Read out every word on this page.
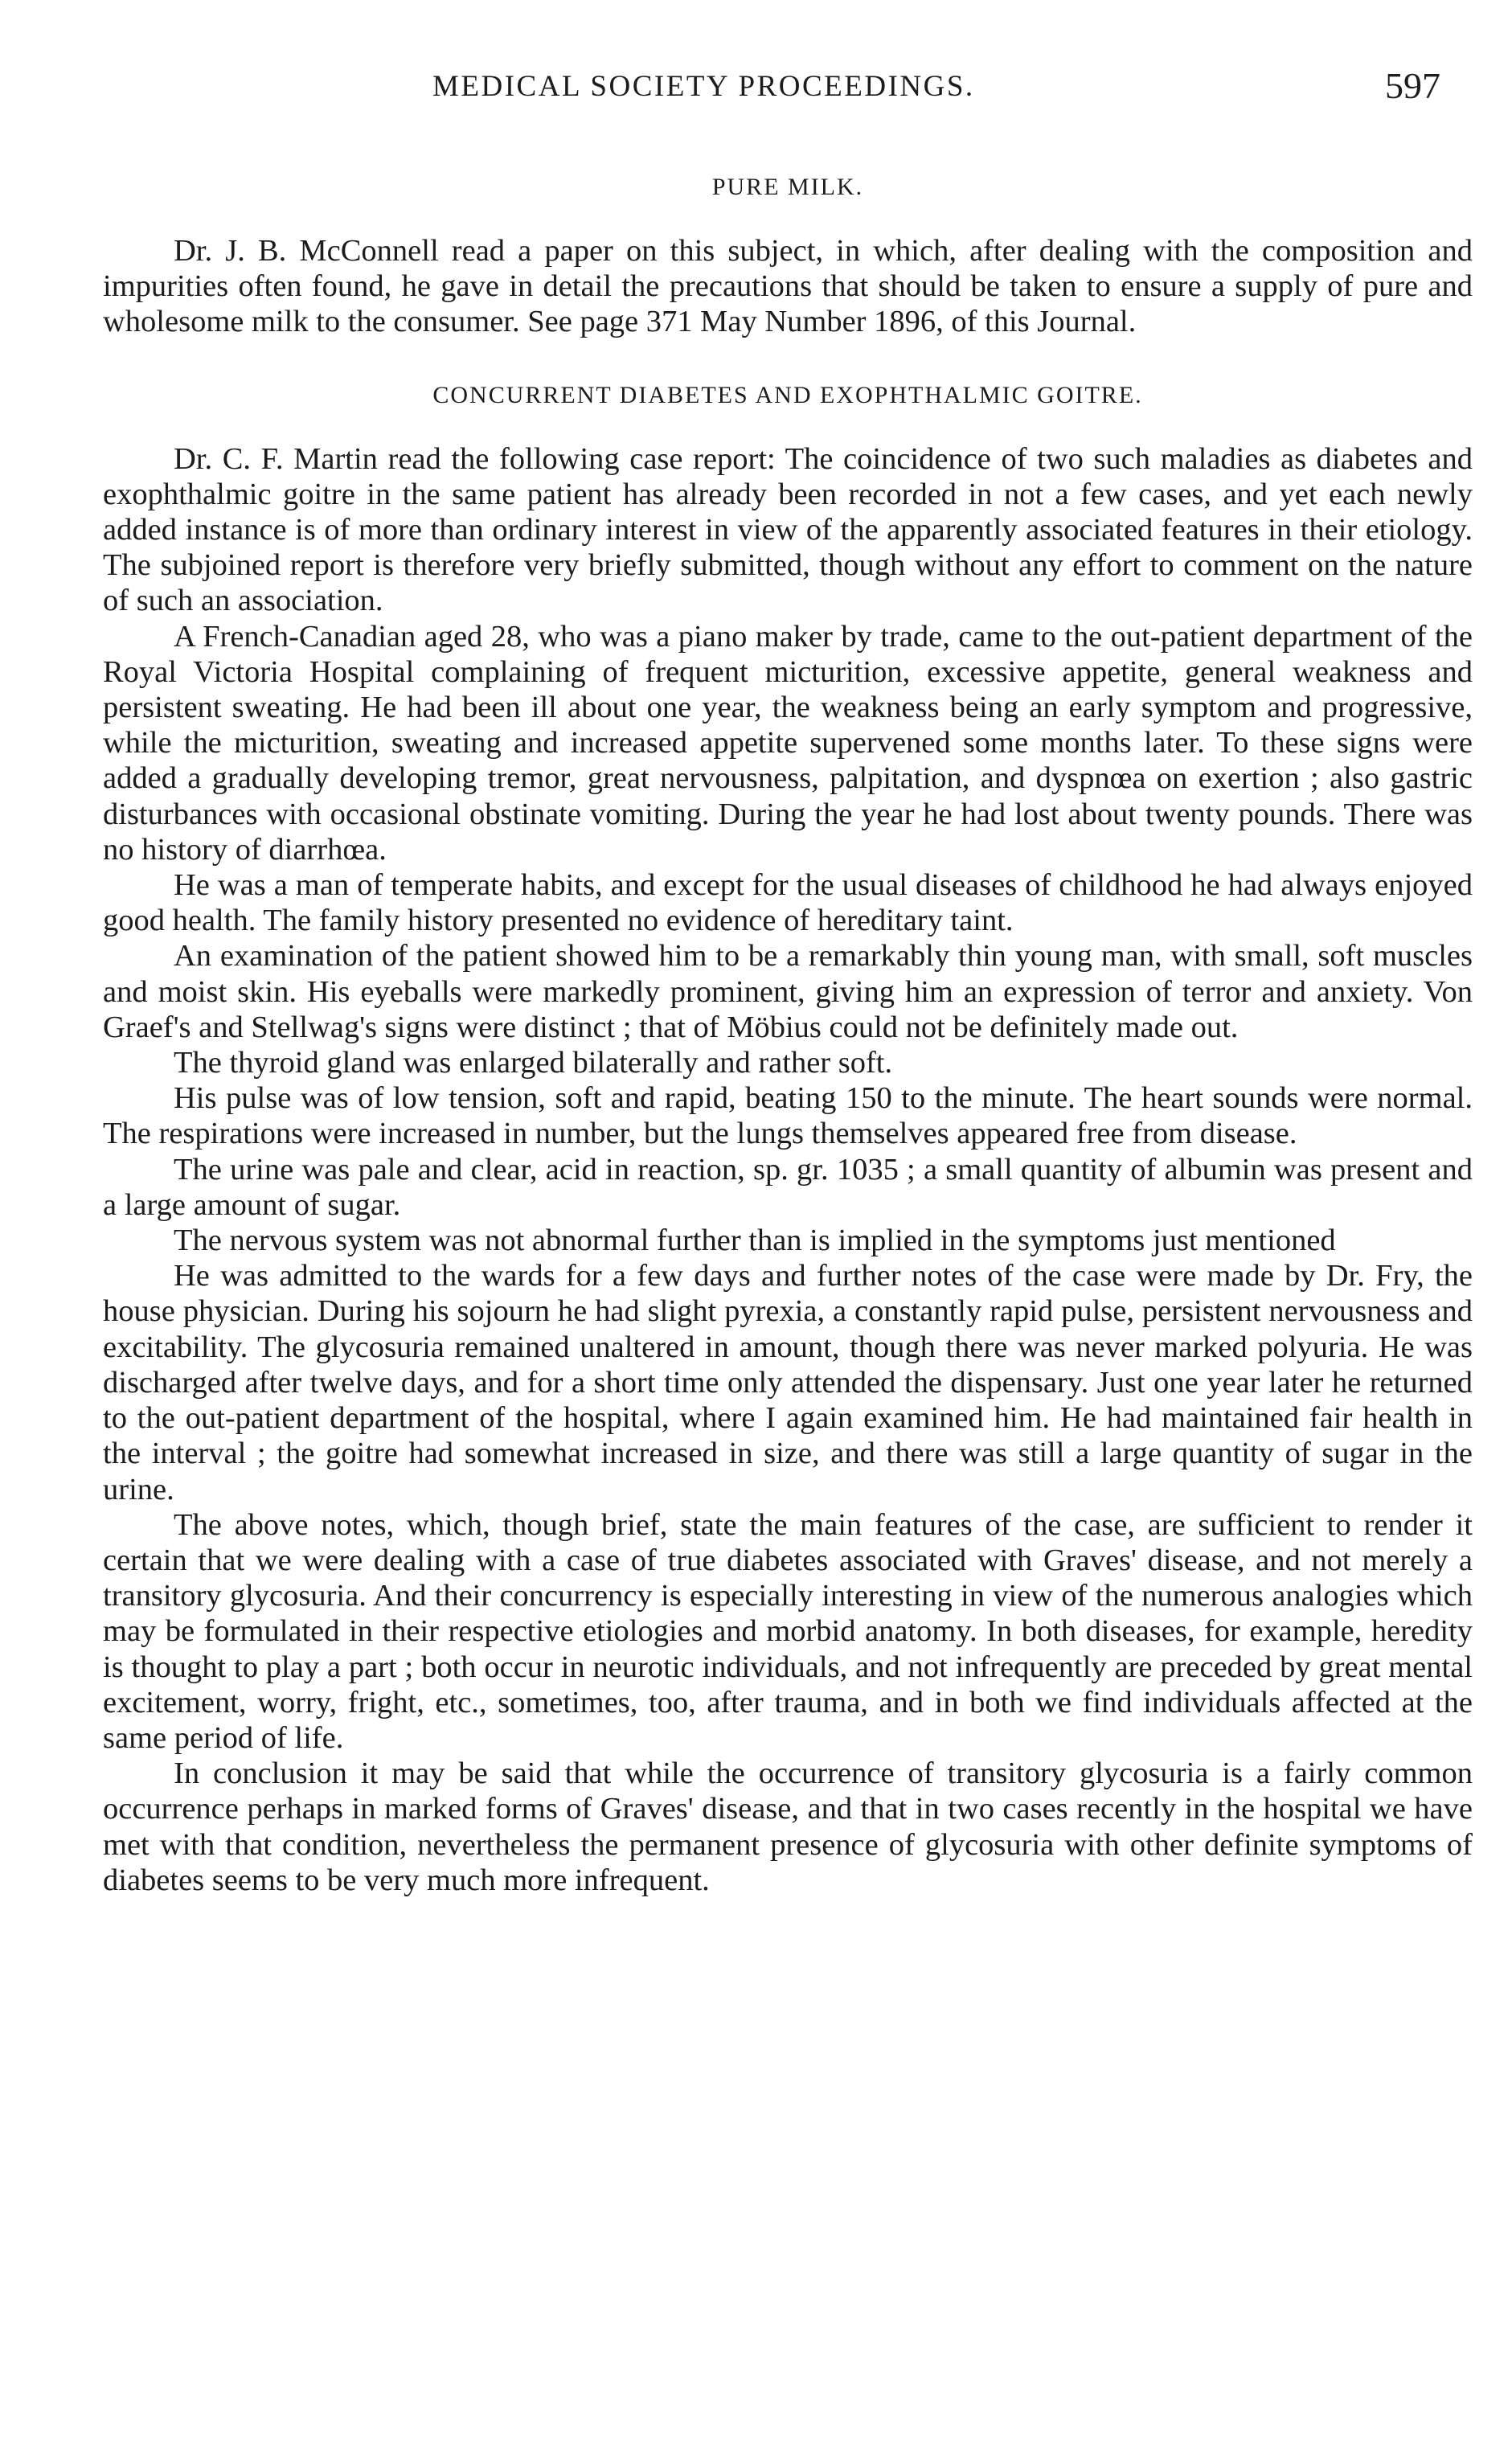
MEDICAL SOCIETY PROCEEDINGS.	597
PURE MILK.

Dr. J. B. McConnell read a paper on this subject, in which, after dealing with the composition and impurities often found, he gave in detail the precautions that should be taken to ensure a supply of pure and wholesome milk to the consumer. See page 371 May Number 1896, of this Journal.

CONCURRENT DIABETES AND EXOPHTHALMIC GOITRE.

Dr. C. F. Martin read the following case report: The coincidence of two such maladies as diabetes and exophthalmic goitre in the same patient has already been recorded in not a few cases, and yet each newly added instance is of more than ordinary interest in view of the apparently associated features in their etiology. The subjoined report is therefore very briefly submitted, though without any effort to comment on the nature of such an association.

A French-Canadian aged 28, who was a piano maker by trade, came to the out-patient department of the Royal Victoria Hospital complaining of frequent micturition, excessive appetite, general weakness and persistent sweating. He had been ill about one year, the weakness being an early symptom and progressive, while the micturition, sweating and increased appetite supervened some months later. To these signs were added a gradually developing tremor, great nervousness, palpitation, and dyspnœa on exertion ; also gastric disturbances with occasional obstinate vomiting. During the year he had lost about twenty pounds. There was no history of diarrhœa.

He was a man of temperate habits, and except for the usual diseases of childhood he had always enjoyed good health. The family history presented no evidence of hereditary taint.

An examination of the patient showed him to be a remarkably thin young man, with small, soft muscles and moist skin. His eyeballs were markedly prominent, giving him an expression of terror and anxiety. Von Graef's and Stellwag's signs were distinct ; that of Möbius could not be definitely made out.

The thyroid gland was enlarged bilaterally and rather soft.

His pulse was of low tension, soft and rapid, beating 150 to the minute. The heart sounds were normal. The respirations were increased in number, but the lungs themselves appeared free from disease.

The urine was pale and clear, acid in reaction, sp. gr. 1035 ; a small quantity of albumin was present and a large amount of sugar.

The nervous system was not abnormal further than is implied in the symptoms just mentioned

He was admitted to the wards for a few days and further notes of the case were made by Dr. Fry, the house physician. During his sojourn he had slight pyrexia, a constantly rapid pulse, persistent nervousness and excitability. The glycosuria remained unaltered in amount, though there was never marked polyuria. He was discharged after twelve days, and for a short time only attended the dispensary. Just one year later he returned to the out-patient department of the hospital, where I again examined him. He had maintained fair health in the interval ; the goitre had somewhat increased in size, and there was still a large quantity of sugar in the urine.

The above notes, which, though brief, state the main features of the case, are sufficient to render it certain that we were dealing with a case of true diabetes associated with Graves' disease, and not merely a transitory glycosuria. And their concurrency is especially interesting in view of the numerous analogies which may be formulated in their respective etiologies and morbid anatomy. In both diseases, for example, heredity is thought to play a part ; both occur in neurotic individuals, and not infrequently are preceded by great mental excitement, worry, fright, etc., sometimes, too, after trauma, and in both we find individuals affected at the same period of life.

In conclusion it may be said that while the occurrence of transitory glycosuria is a fairly common occurrence perhaps in marked forms of Graves' disease, and that in two cases recently in the hospital we have met with that condition, nevertheless the permanent presence of glycosuria with other definite symptoms of diabetes seems to be very much more infrequent.
